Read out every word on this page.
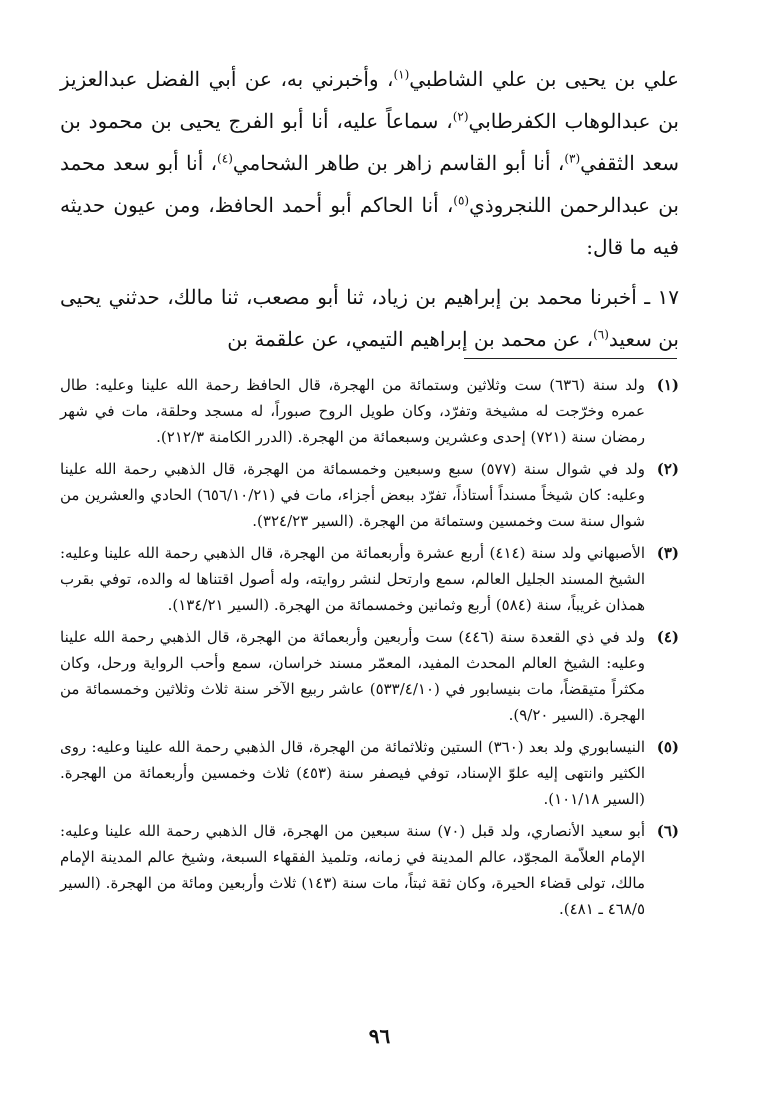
علي بن يحيى بن علي الشاطبي$^{(١)}$، وأخبرني به، عن أبي الفضل عبدالعزيز بن عبدالوهاب الكفرطابي$^{(٢)}$، سماعاً عليه، أنا أبو الفرج يحيى بن محمود بن سعد الثقفي$^{(٣)}$، أنا أبو القاسم زاهر بن طاهر الشحامي$^{(٤)}$، أنا أبو سعد محمد بن عبدالرحمن اللنجروذي$^{(٥)}$، أنا الحاكم أبو أحمد الحافظ، ومن عيون حديثه فيه ما قال:

١٧ ـ أخبرنا محمد بن إبراهيم بن زياد، ثنا أبو مصعب، ثنا مالك، حدثني يحيى بن سعيد$^{(٦)}$، عن محمد بن إبراهيم التيمي، عن علقمة بن

(١)
ولد سنة (٦٣٦) ست وثلاثين وستمائة من الهجرة، قال الحافظ رحمة الله علينا وعليه: طال عمره وخرّجت له مشيخة وتفرّد، وكان طويل الروح صبوراً، له مسجد وحلقة، مات في شهر رمضان سنة (٧٢١) إحدى وعشرين وسبعمائة من الهجرة. (الدرر الكامنة ٢١٢/٣).
(٢)
ولد في شوال سنة (٥٧٧) سبع وسبعين وخمسمائة من الهجرة، قال الذهبي رحمة الله علينا وعليه: كان شيخاً مسنداً أستاذاً، تفرّد ببعض أجزاء، مات في (٦٥٦/١٠/٢١) الحادي والعشرين من شوال سنة ست وخمسين وستمائة من الهجرة. (السير ٣٢٤/٢٣).
(٣)
الأصبهاني ولد سنة (٤١٤) أربع عشرة وأربعمائة من الهجرة، قال الذهبي رحمة الله علينا وعليه: الشيخ المسند الجليل العالم، سمع وارتحل لنشر روايته، وله أصول اقتناها له والده، توفي بقرب همذان غريباً، سنة (٥٨٤) أربع وثمانين وخمسمائة من الهجرة. (السير ١٣٤/٢١).
(٤)
ولد في ذي القعدة سنة (٤٤٦) ست وأربعين وأربعمائة من الهجرة، قال الذهبي رحمة الله علينا وعليه: الشيخ العالم المحدث المفيد، المعمّر مسند خراسان، سمع وأحب الرواية ورحل، وكان مكثراً متيقضاً، مات بنيسابور في (٥٣٣/٤/١٠) عاشر ربيع الآخر سنة ثلاث وثلاثين وخمسمائة من الهجرة. (السير ٩/٢٠).
(٥)
النيسابوري ولد بعد (٣٦٠) الستين وثلاثمائة من الهجرة، قال الذهبي رحمة الله علينا وعليه: روى الكثير وانتهى إليه علوّ الإسناد، توفي فيصفر سنة (٤٥٣) ثلاث وخمسين وأربعمائة من الهجرة. (السير ١٠١/١٨).
(٦)
أبو سعيد الأنصاري، ولد قبل (٧٠) سنة سبعين من الهجرة، قال الذهبي رحمة الله علينا وعليه: الإمام العلاّمة المجوّد، عالم المدينة في زمانه، وتلميذ الفقهاء السبعة، وشيخ عالم المدينة الإمام مالك، تولى قضاء الحيرة، وكان ثقة ثبتاً، مات سنة (١٤٣) ثلاث وأربعين ومائة من الهجرة. (السير ٤٦٨/٥ ـ ٤٨١).
٩٦
